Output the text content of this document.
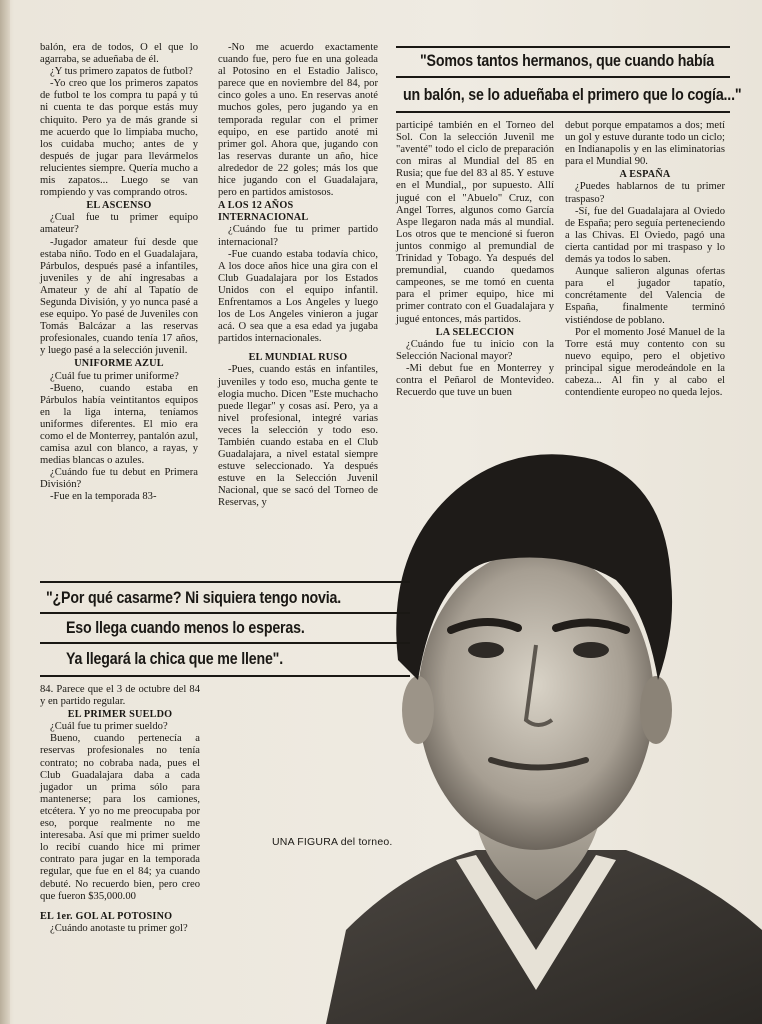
"Somos tantos hermanos, que cuando había
un balón, se lo adueñaba el primero que lo cogía..."

balón, era de todos, O el que lo agarraba, se adueñaba de él.

¿Y tus primero zapatos de futbol?

-Yo creo que los primeros zapatos de futbol te los compra tu papá y tú ni cuenta te das porque estás muy chiquito. Pero ya de más grande si me acuerdo que lo limpiaba mucho, los cuidaba mucho; antes de y después de jugar para llevármelos relucientes siempre. Quería mucho a mis zapatos... Luego se van rompiendo y vas comprando otros.

EL ASCENSO

¿Cual fue tu primer equipo amateur?

-Jugador amateur fuí desde que estaba niño. Todo en el Guadalajara, Párbulos, después pasé a infantiles, juveniles y de ahí ingresabas a Amateur y de ahí al Tapatío de Segunda División, y yo nunca pasé a ese equipo. Yo pasé de Juveniles con Tomás Balcázar a las reservas profesionales, cuando tenía 17 años, y luego pasé a la selección juvenil.

UNIFORME AZUL

¿Cuál fue tu primer uniforme?

-Bueno, cuando estaba en Párbulos había veintitantos equipos en la liga interna, teníamos uniformes diferentes. El mio era como el de Monterrey, pantalón azul, camisa azul con blanco, a rayas, y medias blancas o azules.

¿Cuándo fue tu debut en Primera División?

-Fue en la temporada 83-

-No me acuerdo exactamente cuando fue, pero fue en una goleada al Potosino en el Estadio Jalisco, parece que en noviembre del 84, por cinco goles a uno. En reservas anoté muchos goles, pero jugando ya en temporada regular con el primer equipo, en ese partido anoté mi primer gol. Ahora que, jugando con las reservas durante un año, hice alrededor de 22 goles; más los que hice jugando con el Guadalajara, pero en partidos amistosos.

A LOS 12 AÑOS INTERNACIONAL

¿Cuándo fue tu primer partido internacional?

-Fue cuando estaba todavía chico, A los doce años hice una gira con el Club Guadalajara por los Estados Unidos con el equipo infantil. Enfrentamos a Los Angeles y luego los de Los Angeles vinieron a jugar acá. O sea que a esa edad ya jugaba partidos internacionales.

EL MUNDIAL RUSO

-Pues, cuando estás en infantiles, juveniles y todo eso, mucha gente te elogia mucho. Dicen "Este muchacho puede llegar" y cosas así. Pero, ya a nivel profesional, integré varias veces la selección y todo eso. También cuando estaba en el Club Guadalajara, a nivel estatal siempre estuve seleccionado. Ya después estuve en la Selección Juvenil Nacional, que se sacó del Torneo de Reservas, y

participé también en el Torneo del Sol. Con la selección Juvenil me "aventé" todo el ciclo de preparación con miras al Mundial del 85 en Rusia; que fue del 83 al 85. Y estuve en el Mundial,, por supuesto. Allí jugué con el "Abuelo" Cruz, con Angel Torres, algunos como García Aspe llegaron nada más al mundial. Los otros que te mencioné si fueron juntos conmigo al premundial de Trinidad y Tobago. Ya después del premundial, cuando quedamos campeones, se me tomó en cuenta para el primer equipo, hice mi primer contrato con el Guadalajara y jugué entonces, más partidos.

LA SELECCION

¿Cuándo fue tu inicio con la Selección Nacional mayor?

-Mi debut fue en Monterrey y contra el Peñarol de Montevideo. Recuerdo que tuve un buen

debut porque empatamos a dos; metí un gol y estuve durante todo un ciclo; en Indianapolis y en las eliminatorias para el Mundial 90.

A ESPAÑA

¿Puedes hablarnos de tu primer traspaso?

-Sí, fue del Guadalajara al Oviedo de España; pero seguía perteneciendo a las Chivas. El Oviedo, pagó una cierta cantidad por mi traspaso y lo demás ya todos lo saben.

Aunque salieron algunas ofertas para el jugador tapatío, concrétamente del Valencia de España, finalmente terminó vistiéndose de poblano.

Por el momento José Manuel de la Torre está muy contento con su nuevo equipo, pero el objetivo principal sigue merodeándole en la cabeza... Al fin y al cabo el contendiente europeo no queda lejos.

"¿Por qué casarme? Ni siquiera tengo novia.
Eso llega cuando menos lo esperas.
Ya llegará la chica que me llene".

84. Parece que el 3 de octubre del 84 y en partido regular.

EL PRIMER SUELDO

¿Cuál fue tu primer sueldo?

Bueno, cuando pertenecía a reservas profesionales no tenía contrato; no cobraba nada, pues el Club Guadalajara daba a cada jugador un prima sólo para mantenerse; para los camiones, etcétera. Y yo no me preocupaba por eso, porque realmente no me interesaba. Así que mi primer sueldo lo recibí cuando hice mi primer contrato para jugar en la temporada regular, que fue en el 84; ya cuando debuté. No recuerdo bien, pero creo que fueron $35,000.00

EL 1er. GOL AL POTOSINO

¿Cuándo anotaste tu primer gol?

UNA FIGURA del torneo.
